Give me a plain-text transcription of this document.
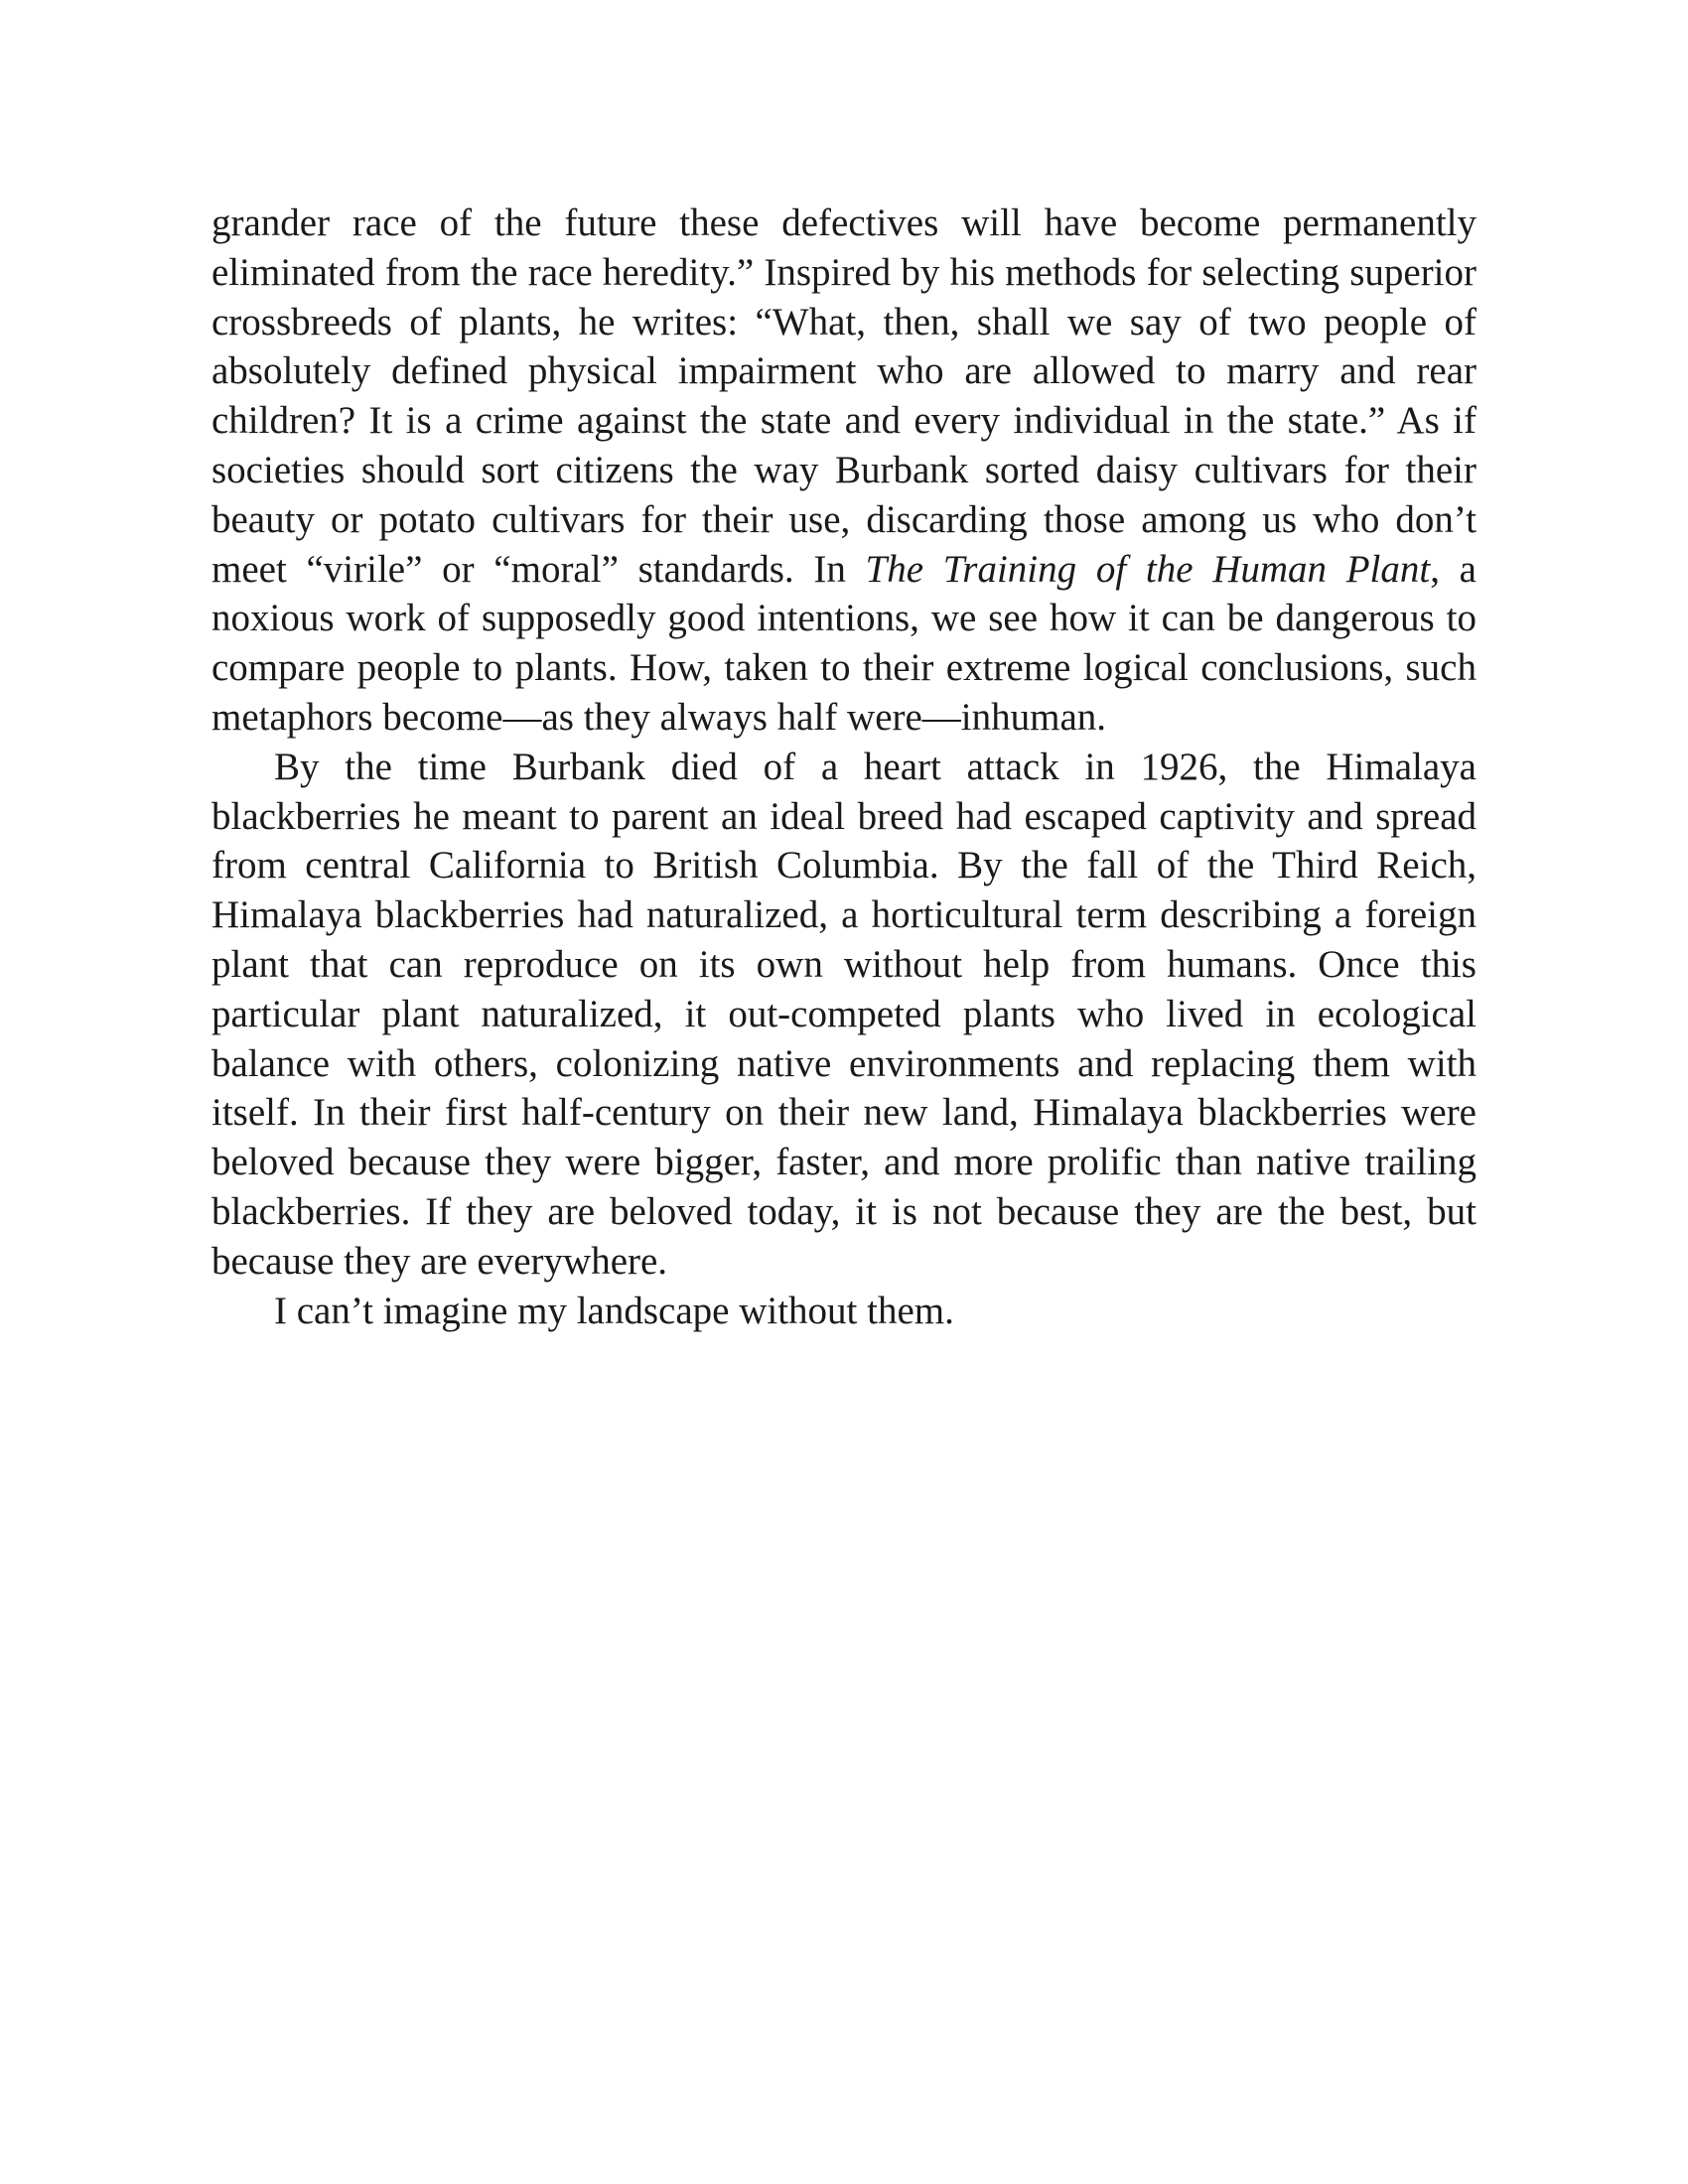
grander race of the future these defectives will have become permanently eliminated from the race heredity.” Inspired by his methods for selecting superior crossbreeds of plants, he writes: “What, then, shall we say of two people of absolutely defined physical impairment who are allowed to marry and rear children? It is a crime against the state and every individual in the state.” As if societies should sort citizens the way Burbank sorted daisy cultivars for their beauty or potato cultivars for their use, discarding those among us who don’t meet “virile” or “moral” standards. In The Training of the Human Plant, a noxious work of supposedly good intentions, we see how it can be dangerous to compare people to plants. How, taken to their extreme logical conclusions, such metaphors become—as they always half were—inhuman.

By the time Burbank died of a heart attack in 1926, the Himalaya blackberries he meant to parent an ideal breed had escaped captivity and spread from central California to British Columbia. By the fall of the Third Reich, Himalaya blackberries had naturalized, a horticultural term describing a foreign plant that can reproduce on its own without help from humans. Once this particular plant naturalized, it out-competed plants who lived in ecological balance with others, colonizing native environments and replacing them with itself. In their first half-century on their new land, Himalaya blackberries were beloved because they were bigger, faster, and more prolific than native trailing blackberries. If they are beloved today, it is not because they are the best, but because they are everywhere.

I can’t imagine my landscape without them.
